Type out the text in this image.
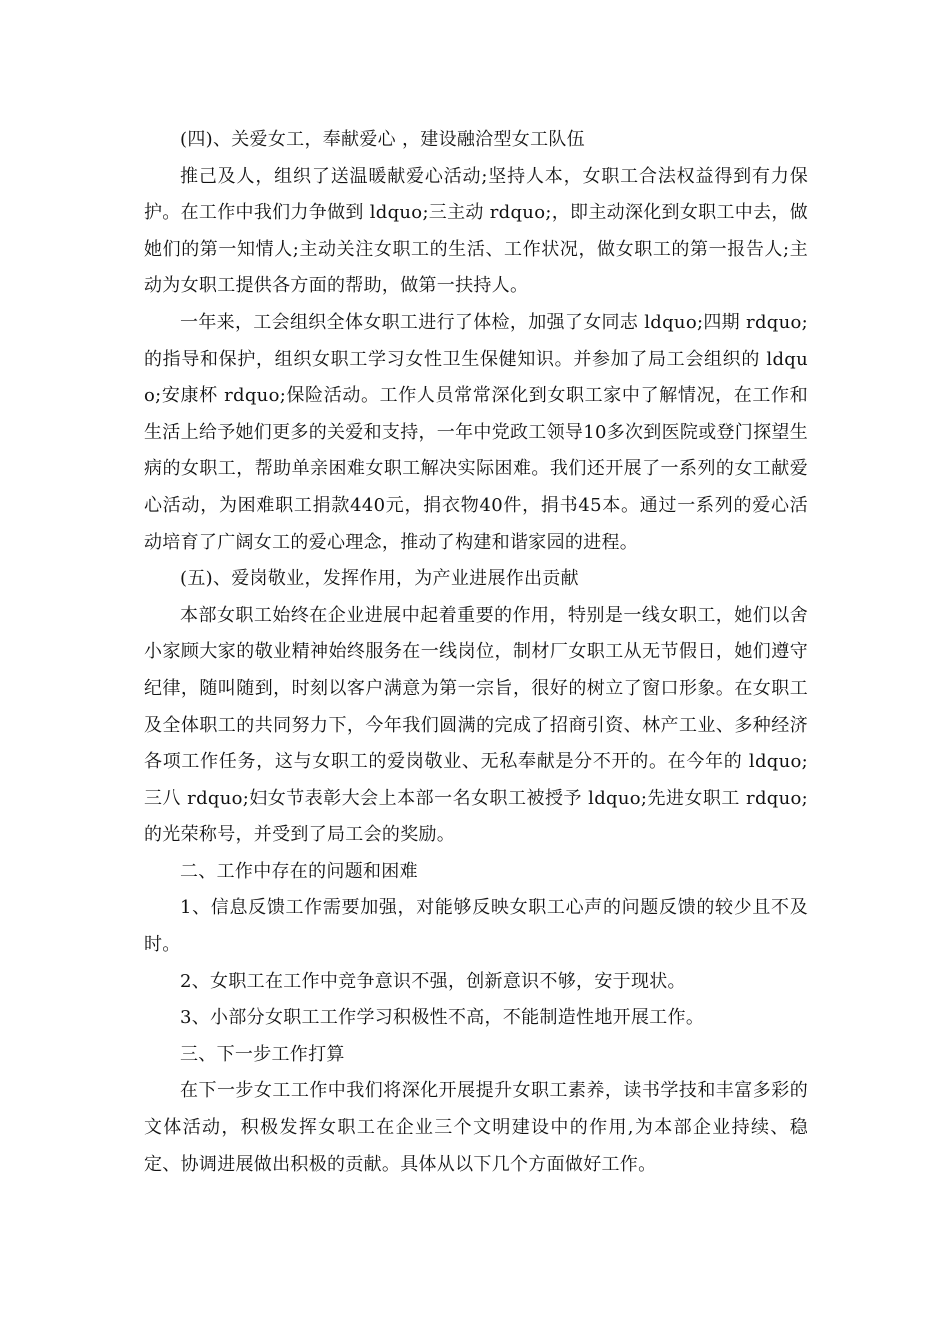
(四)、关爱女工，奉献爱心 ，建设融洽型女工队伍

推己及人，组织了送温暖献爱心活动;坚持人本，女职工合法权益得到有力保护。在工作中我们力争做到 ldquo;三主动 rdquo;，即主动深化到女职工中去，做她们的第一知情人;主动关注女职工的生活、工作状况，做女职工的第一报告人;主动为女职工提供各方面的帮助，做第一扶持人。

一年来，工会组织全体女职工进行了体检，加强了女同志 ldquo;四期 rdquo;的指导和保护，组织女职工学习女性卫生保健知识。并参加了局工会组织的 ldquo;安康杯 rdquo;保险活动。工作人员常常深化到女职工家中了解情况，在工作和生活上给予她们更多的关爱和支持，一年中党政工领导10多次到医院或登门探望生病的女职工，帮助单亲困难女职工解决实际困难。我们还开展了一系列的女工献爱心活动，为困难职工捐款440元，捐衣物40件，捐书45本。通过一系列的爱心活动培育了广阔女工的爱心理念，推动了构建和谐家园的进程。

(五)、爱岗敬业，发挥作用，为产业进展作出贡献

本部女职工始终在企业进展中起着重要的作用，特别是一线女职工，她们以舍小家顾大家的敬业精神始终服务在一线岗位，制材厂女职工从无节假日，她们遵守纪律，随叫随到，时刻以客户满意为第一宗旨，很好的树立了窗口形象。在女职工及全体职工的共同努力下，今年我们圆满的完成了招商引资、林产工业、多种经济各项工作任务，这与女职工的爱岗敬业、无私奉献是分不开的。在今年的 ldquo;三八 rdquo;妇女节表彰大会上本部一名女职工被授予 ldquo;先进女职工 rdquo;的光荣称号，并受到了局工会的奖励。

二、工作中存在的问题和困难

1、信息反馈工作需要加强，对能够反映女职工心声的问题反馈的较少且不及时。

2、女职工在工作中竞争意识不强，创新意识不够，安于现状。

3、小部分女职工工作学习积极性不高，不能制造性地开展工作。

三、下一步工作打算

在下一步女工工作中我们将深化开展提升女职工素养，读书学技和丰富多彩的文体活动，积极发挥女职工在企业三个文明建设中的作用,为本部企业持续、稳定、协调进展做出积极的贡献。具体从以下几个方面做好工作。
